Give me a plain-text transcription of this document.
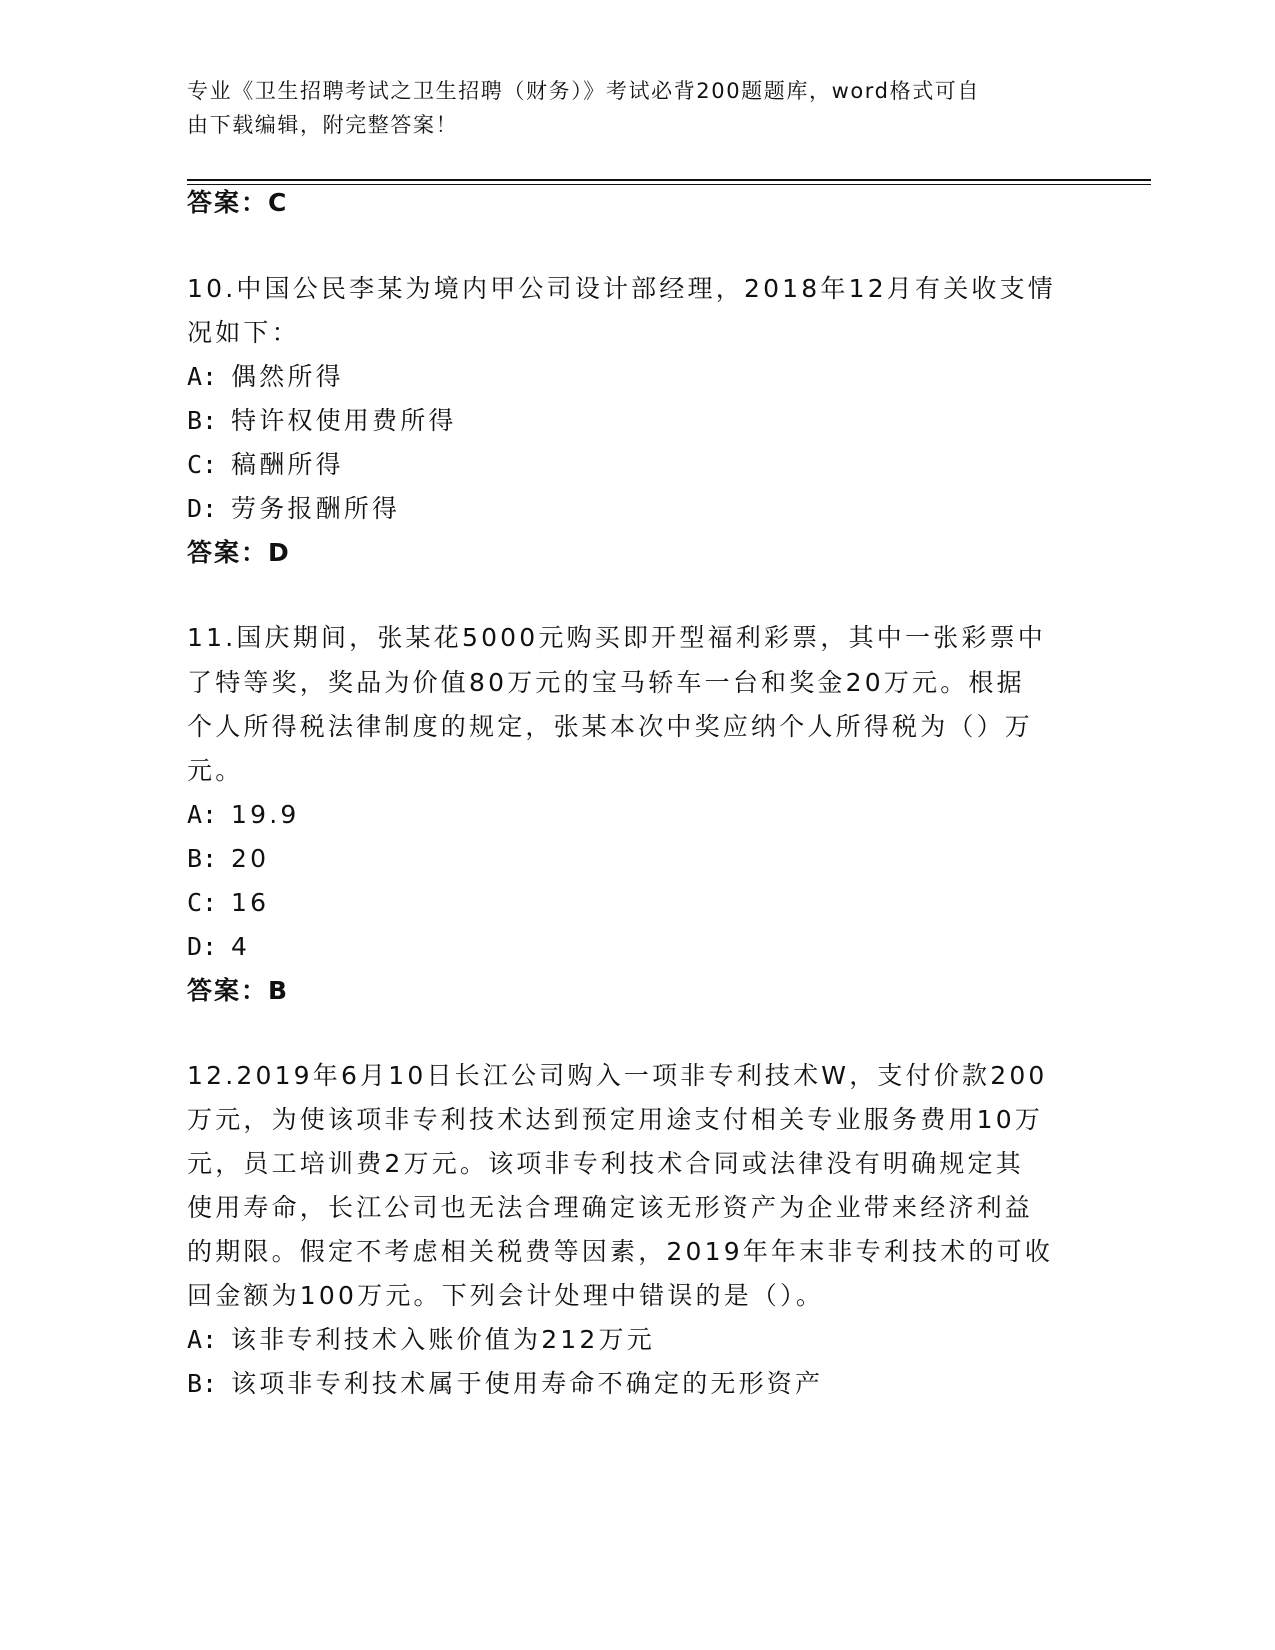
专业《卫生招聘考试之卫生招聘（财务）》考试必背200题题库，word格式可自
由下载编辑，附完整答案！
答案：C
10.中国公民李某为境内甲公司设计部经理，2018年12月有关收支情
况如下：
A: 偶然所得
B: 特许权使用费所得
C: 稿酬所得
D: 劳务报酬所得
答案：D
11.国庆期间，张某花5000元购买即开型福利彩票，其中一张彩票中
了特等奖，奖品为价值80万元的宝马轿车一台和奖金20万元。根据
个人所得税法律制度的规定，张某本次中奖应纳个人所得税为（）万
元。
A: 19.9
B: 20
C: 16
D: 4
答案：B
12.2019年6月10日长江公司购入一项非专利技术W，支付价款200
万元，为使该项非专利技术达到预定用途支付相关专业服务费用10万
元，员工培训费2万元。该项非专利技术合同或法律没有明确规定其
使用寿命，长江公司也无法合理确定该无形资产为企业带来经济利益
的期限。假定不考虑相关税费等因素，2019年年末非专利技术的可收
回金额为100万元。下列会计处理中错误的是（）。
A: 该非专利技术入账价值为212万元
B: 该项非专利技术属于使用寿命不确定的无形资产
